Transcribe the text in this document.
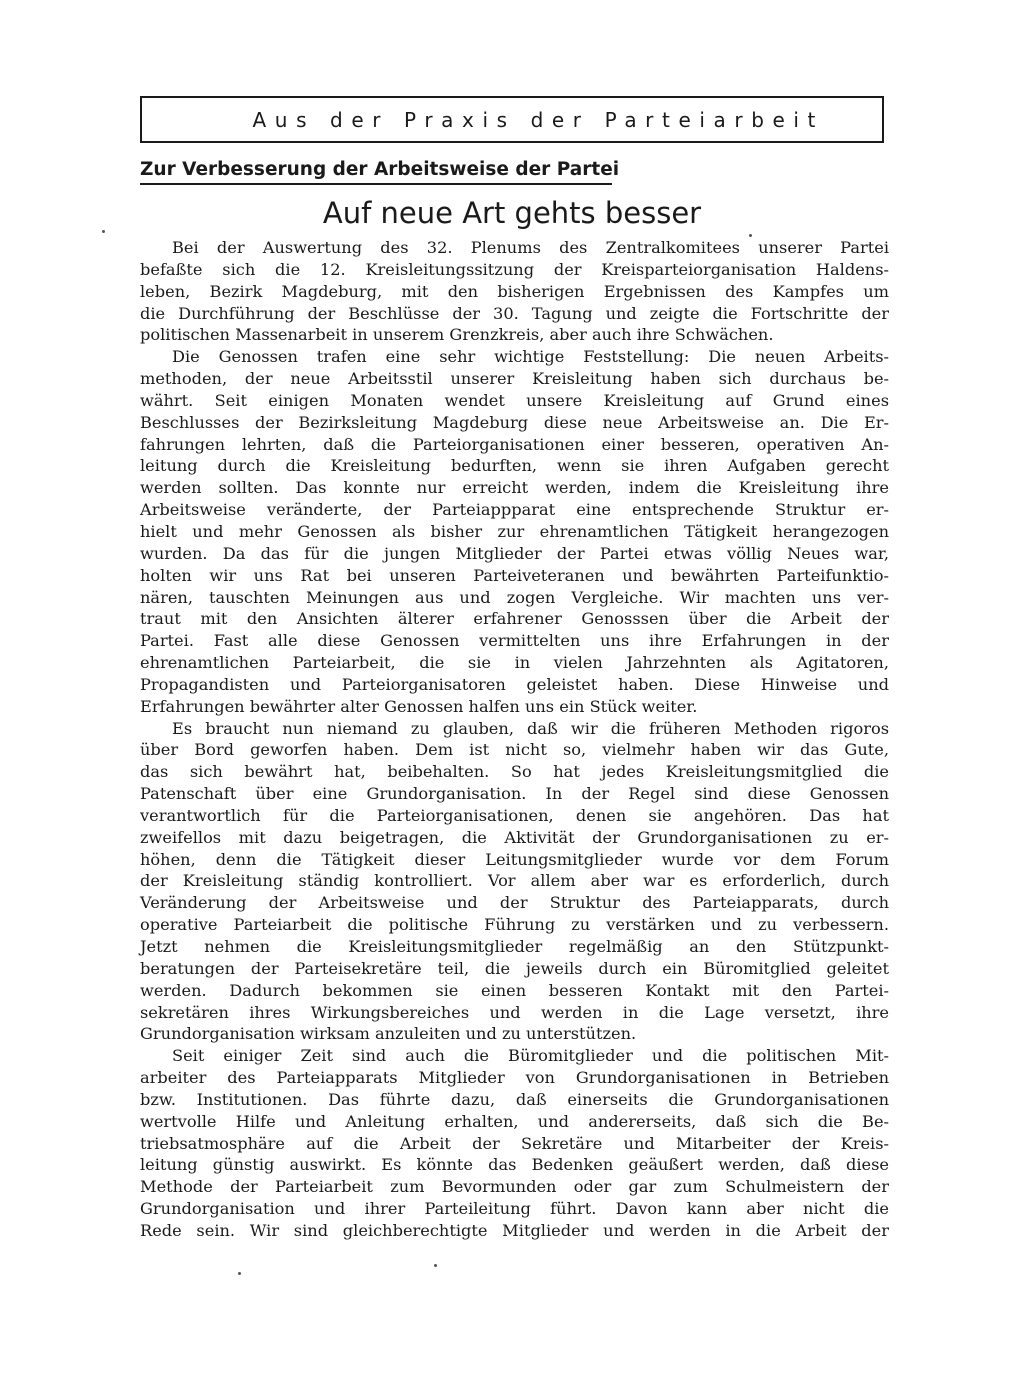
Aus der Praxis der Parteiarbeit
Zur Verbesserung der Arbeitsweise der Partei
Auf neue Art gehts besser
Bei der Auswertung des 32. Plenums des Zentralkomitees unserer Partei
befaßte sich die 12. Kreisleitungssitzung der Kreisparteiorganisation Haldens-
leben, Bezirk Magdeburg, mit den bisherigen Ergebnissen des Kampfes um
die Durchführung der Beschlüsse der 30. Tagung und zeigte die Fortschritte der
politischen Massenarbeit in unserem Grenzkreis, aber auch ihre Schwächen.
Die Genossen trafen eine sehr wichtige Feststellung: Die neuen Arbeits-
methoden, der neue Arbeitsstil unserer Kreisleitung haben sich durchaus be-
währt. Seit einigen Monaten wendet unsere Kreisleitung auf Grund eines
Beschlusses der Bezirksleitung Magdeburg diese neue Arbeitsweise an. Die Er-
fahrungen lehrten, daß die Parteiorganisationen einer besseren, operativen An-
leitung durch die Kreisleitung bedurften, wenn sie ihren Aufgaben gerecht
werden sollten. Das konnte nur erreicht werden, indem die Kreisleitung ihre
Arbeitsweise veränderte, der Parteiappparat eine entsprechende Struktur er-
hielt und mehr Genossen als bisher zur ehrenamtlichen Tätigkeit herangezogen
wurden. Da das für die jungen Mitglieder der Partei etwas völlig Neues war,
holten wir uns Rat bei unseren Parteiveteranen und bewährten Parteifunktio-
nären, tauschten Meinungen aus und zogen Vergleiche. Wir machten uns ver-
traut mit den Ansichten älterer erfahrener Genosssen über die Arbeit der
Partei. Fast alle diese Genossen vermittelten uns ihre Erfahrungen in der
ehrenamtlichen Parteiarbeit, die sie in vielen Jahrzehnten als Agitatoren,
Propagandisten und Parteiorganisatoren geleistet haben. Diese Hinweise und
Erfahrungen bewährter alter Genossen halfen uns ein Stück weiter.
Es braucht nun niemand zu glauben, daß wir die früheren Methoden rigoros
über Bord geworfen haben. Dem ist nicht so, vielmehr haben wir das Gute,
das sich bewährt hat, beibehalten. So hat jedes Kreisleitungsmitglied die
Patenschaft über eine Grundorganisation. In der Regel sind diese Genossen
verantwortlich für die Parteiorganisationen, denen sie angehören. Das hat
zweifellos mit dazu beigetragen, die Aktivität der Grundorganisationen zu er-
höhen, denn die Tätigkeit dieser Leitungsmitglieder wurde vor dem Forum
der Kreisleitung ständig kontrolliert. Vor allem aber war es erforderlich, durch
Veränderung der Arbeitsweise und der Struktur des Parteiapparats, durch
operative Parteiarbeit die politische Führung zu verstärken und zu verbessern.
Jetzt nehmen die Kreisleitungsmitglieder regelmäßig an den Stützpunkt-
beratungen der Parteisekretäre teil, die jeweils durch ein Büromitglied geleitet
werden. Dadurch bekommen sie einen besseren Kontakt mit den Partei-
sekretären ihres Wirkungsbereiches und werden in die Lage versetzt, ihre
Grundorganisation wirksam anzuleiten und zu unterstützen.
Seit einiger Zeit sind auch die Büromitglieder und die politischen Mit-
arbeiter des Parteiapparats Mitglieder von Grundorganisationen in Betrieben
bzw. Institutionen. Das führte dazu, daß einerseits die Grundorganisationen
wertvolle Hilfe und Anleitung erhalten, und andererseits, daß sich die Be-
triebsatmosphäre auf die Arbeit der Sekretäre und Mitarbeiter der Kreis-
leitung günstig auswirkt. Es könnte das Bedenken geäußert werden, daß diese
Methode der Parteiarbeit zum Bevormunden oder gar zum Schulmeistern der
Grundorganisation und ihrer Parteileitung führt. Davon kann aber nicht die
Rede sein. Wir sind gleichberechtigte Mitglieder und werden in die Arbeit der
